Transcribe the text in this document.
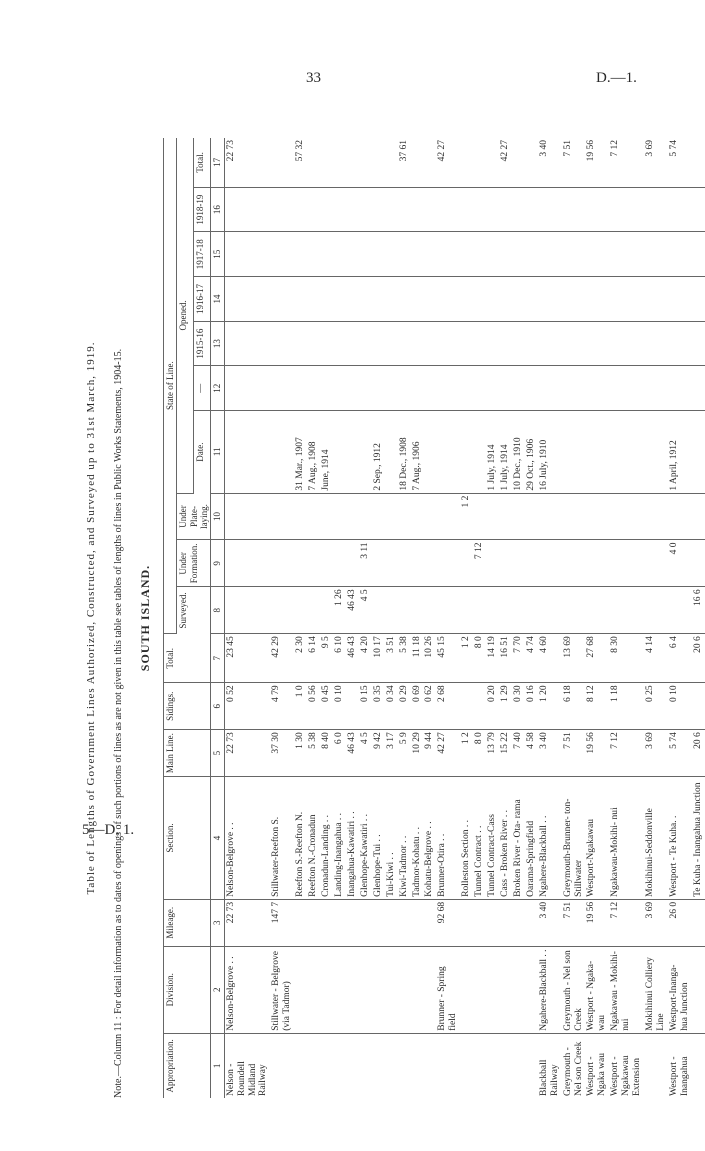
33	D.—1.
5—D. 1.
Table of Lengths of Government Lines Authorized, Constructed, and Surveyed up to 31st March, 1919. Note.—Column 11 : For detail information as to dates of openings of such portions of lines as are not given in this table see tables of lengths of lines in Public Works Statements, 1904-15. SOUTH ISLAND.
Appropriation.	Division.	Mileage.	Section.	Main Line.	Sidings.	Total.	State of Line.									
							Surveyed.	Under Formation.	Under Plate-laying.	Opened.						
										Date.	—	1915-16	1916-17	1917-18	1918-19	Total.
1	2	3	4	5	6	7	8	9	10	11	12	13	14	15	16	17
Nelson - Roundell Midland Railway	Nelson-Belgrove . .	22 73	Nelson-Belgrove . .	22 73	0 52	23 45										22 73
	Stillwater - Belgrove (via Tadmor)	147 7	Stillwater-Reefton S.	37 30	4 79	42 29										
			Reefton S.-Reefton N.	1 30	1 0	2 30				31 Mar., 1907						57 32
			Reefton N.-Cronadun	5 38	0 56	6 14				7 Aug., 1908						
			Cronadun-Landing . .	8 40	0 45	9 5				June, 1914						
			Landing-Inangahua . .	6 0	0 10	6 10	1 26									
			Inangahua-Kawatiri . .	46 43		46 43	46 43									
			Glenhope-Kawatiri . .	4 5	0 15	4 20	4 5	3 11								
			Glenhope-Tui . .	9 42	0 35	10 17				2 Sep., 1912						
			Tui-Kiwi . .	3 17	0 34	3 51										
			Kiwi-Tadmor . .	5 9	0 29	5 38				18 Dec., 1908						37 61
			Tadmor-Kohatu . .	10 29	0 69	11 18				7 Aug., 1906						
			Kohatu-Belgrove . .	9 44	0 62	10 26										
	Brunner - Spring field	92 68	Brunner-Otira . .	42 27	2 68	45 15										42 27
			Rolleston Section . .	1 2		1 2			1 2							
			Tunnel Contract . .	8 0		8 0		7 12								
			Tunnel Contract-Cass	13 79	0 20	14 19				1 July, 1914						
			Cass - Broken River . .	15 22	1 29	16 51				1 July, 1914						42 27
			Broken River - Ota- rama	7 40	0 30	7 70				10 Dec., 1910						
			Oarama-Springfield	4 58	0 16	4 74				29 Oct., 1906						
Blackball Railway	Ngahere-Blackball . .	3 40	Ngahere-Blackball . .	3 40	1 20	4 60				16 July, 1910						3 40
Greymouth - Nel son Creek	Greymouth - Nel son Creek	7 51	Greymouth-Brunner- ton-Stillwater	7 51	6 18	13 69										7 51
Westport - Ngaka wau	Westport - Ngaka- wau	19 56	Westport-Ngakawau	19 56	8 12	27 68										19 56
Westport - Ngakawau Extension	Ngakawau - Mokihi- nui	7 12	Ngakawau-Mokihi- nui	7 12	1 18	8 30										7 12
	Mokihinui Colliery Line	3 69	Mokihinui-Seddonville	3 69	0 25	4 14										3 69
Westport - Inangahua	Westport-Inanga- hua Junction	26 0	Westport - Te Kuha. .	5 74	0 10	6 4		4 0		1 April, 1912						5 74
			Te Kuha - Inangahua Junction	20 6		20 6	16 6									
